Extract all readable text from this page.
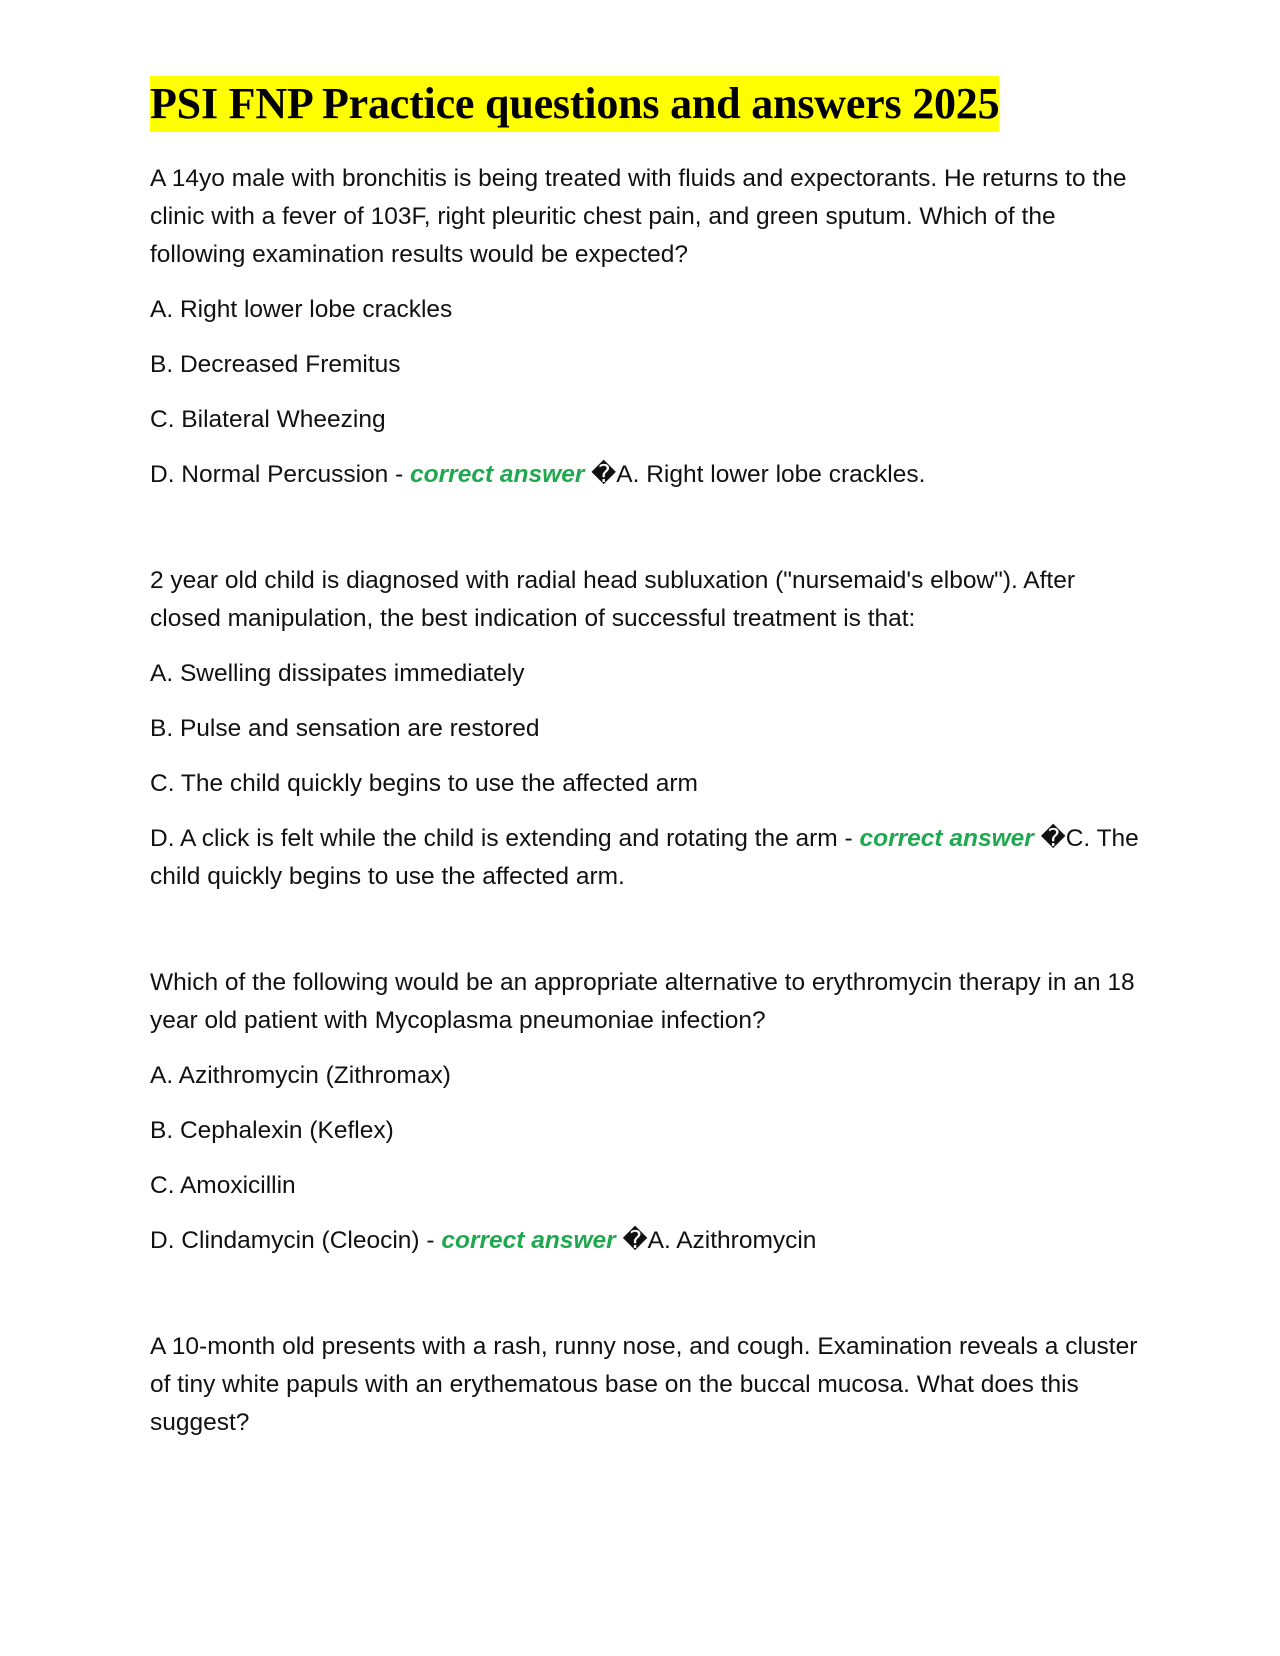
PSI FNP Practice questions and answers 2025
A 14yo male with bronchitis is being treated with fluids and expectorants. He returns to the clinic with a fever of 103F, right pleuritic chest pain, and green sputum. Which of the following examination results would be expected?
A. Right lower lobe crackles
B. Decreased Fremitus
C. Bilateral Wheezing
D. Normal Percussion - correct answer �A. Right lower lobe crackles.
2 year old child is diagnosed with radial head subluxation ("nursemaid's elbow"). After closed manipulation, the best indication of successful treatment is that:
A. Swelling dissipates immediately
B. Pulse and sensation are restored
C. The child quickly begins to use the affected arm
D. A click is felt while the child is extending and rotating the arm - correct answer �C. The child quickly begins to use the affected arm.
Which of the following would be an appropriate alternative to erythromycin therapy in an 18 year old patient with Mycoplasma pneumoniae infection?
A. Azithromycin (Zithromax)
B. Cephalexin (Keflex)
C. Amoxicillin
D. Clindamycin (Cleocin) - correct answer �A. Azithromycin
A 10-month old presents with a rash, runny nose, and cough. Examination reveals a cluster of tiny white papuls with an erythematous base on the buccal mucosa. What does this suggest?
